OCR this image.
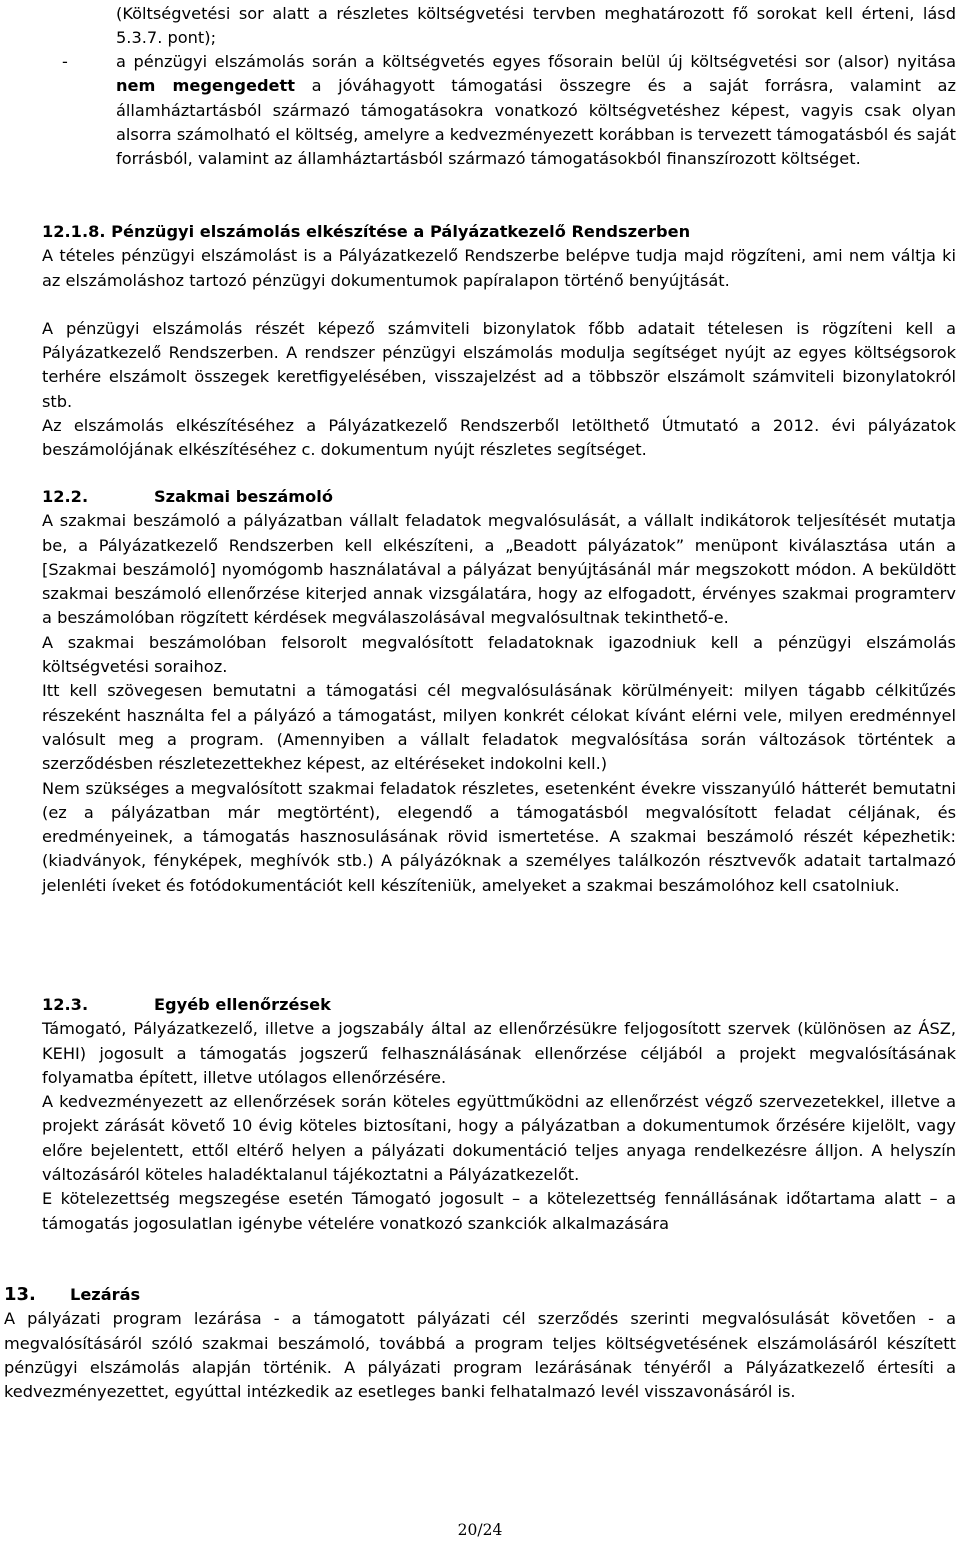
(Költségvetési sor alatt a részletes költségvetési tervben meghatározott fő sorokat kell érteni, lásd 5.3.7. pont);

-	a pénzügyi elszámolás során a költségvetés egyes fősorain belül új költségvetési sor (alsor) nyitása nem megengedett a jóváhagyott támogatási összegre és a saját forrásra, valamint az államháztartásból származó támogatásokra vonatkozó költségvetéshez képest, vagyis csak olyan alsorra számolható el költség, amelyre a kedvezményezett korábban is tervezett támogatásból és saját forrásból, valamint az államháztartásból származó támogatásokból finanszírozott költséget.

12.1.8. Pénzügyi elszámolás elkészítése a Pályázatkezelő Rendszerben

A tételes pénzügyi elszámolást is a Pályázatkezelő Rendszerbe belépve tudja majd rögzíteni, ami nem váltja ki az elszámoláshoz tartozó pénzügyi dokumentumok papíralapon történő benyújtását.

A pénzügyi elszámolás részét képező számviteli bizonylatok főbb adatait tételesen is rögzíteni kell a Pályázatkezelő Rendszerben. A rendszer pénzügyi elszámolás modulja segítséget nyújt az egyes költségsorok terhére elszámolt összegek keretfigyelésében, visszajelzést ad a többször elszámolt számviteli bizonylatokról stb.

Az elszámolás elkészítéséhez a Pályázatkezelő Rendszerből letölthető Útmutató a 2012. évi pályázatok beszámolójának elkészítéséhez c. dokumentum nyújt részletes segítséget.

12.2.	Szakmai beszámoló

A szakmai beszámoló a pályázatban vállalt feladatok megvalósulását, a vállalt indikátorok teljesítését mutatja be, a Pályázatkezelő Rendszerben kell elkészíteni, a „Beadott pályázatok” menüpont kiválasztása után a [Szakmai beszámoló] nyomógomb használatával a pályázat benyújtásánál már megszokott módon. A beküldött szakmai beszámoló ellenőrzése kiterjed annak vizsgálatára, hogy az elfogadott, érvényes szakmai programterv a beszámolóban rögzített kérdések megválaszolásával megvalósultnak tekinthető-e.

A szakmai beszámolóban felsorolt megvalósított feladatoknak igazodniuk kell a pénzügyi elszámolás költségvetési soraihoz.

Itt kell szövegesen bemutatni a támogatási cél megvalósulásának körülményeit: milyen tágabb célkitűzés részeként használta fel a pályázó a támogatást, milyen konkrét célokat kívánt elérni vele, milyen eredménnyel valósult meg a program. (Amennyiben a vállalt feladatok megvalósítása során változások történtek a szerződésben részletezettekhez képest, az eltéréseket indokolni kell.)

Nem szükséges a megvalósított szakmai feladatok részletes, esetenként évekre visszanyúló hátterét bemutatni (ez a pályázatban már megtörtént), elegendő a támogatásból megvalósított feladat céljának, és eredményeinek, a támogatás hasznosulásának rövid ismertetése. A szakmai beszámoló részét képezhetik: (kiadványok, fényképek, meghívók stb.) A pályázóknak a személyes találkozón résztvevők adatait tartalmazó jelenléti íveket és fotódokumentációt kell készíteniük, amelyeket a szakmai beszámolóhoz kell csatolniuk.

12.3.	Egyéb ellenőrzések

Támogató, Pályázatkezelő, illetve a jogszabály által az ellenőrzésükre feljogosított szervek (különösen az ÁSZ, KEHI) jogosult a támogatás jogszerű felhasználásának ellenőrzése céljából a projekt megvalósításának folyamatba épített, illetve utólagos ellenőrzésére.

A kedvezményezett az ellenőrzések során köteles együttműködni az ellenőrzést végző szervezetekkel, illetve a projekt zárását követő 10 évig köteles biztosítani, hogy a pályázatban a dokumentumok őrzésére kijelölt, vagy előre bejelentett, ettől eltérő helyen a pályázati dokumentáció teljes anyaga rendelkezésre álljon. A helyszín változásáról köteles haladéktalanul tájékoztatni a Pályázatkezelőt.

E kötelezettség megszegése esetén Támogató jogosult – a kötelezettség fennállásának időtartama alatt – a támogatás jogosulatlan igénybe vételére vonatkozó szankciók alkalmazására

13. Lezárás

A pályázati program lezárása - a támogatott pályázati cél szerződés szerinti megvalósulását követően - a megvalósításáról szóló szakmai beszámoló, továbbá a program teljes költségvetésének elszámolásáról készített pénzügyi elszámolás alapján történik. A pályázati program lezárásának tényéről a Pályázatkezelő értesíti a kedvezményezettet, egyúttal intézkedik az esetleges banki felhatalmazó levél visszavonásáról is.

20/24
